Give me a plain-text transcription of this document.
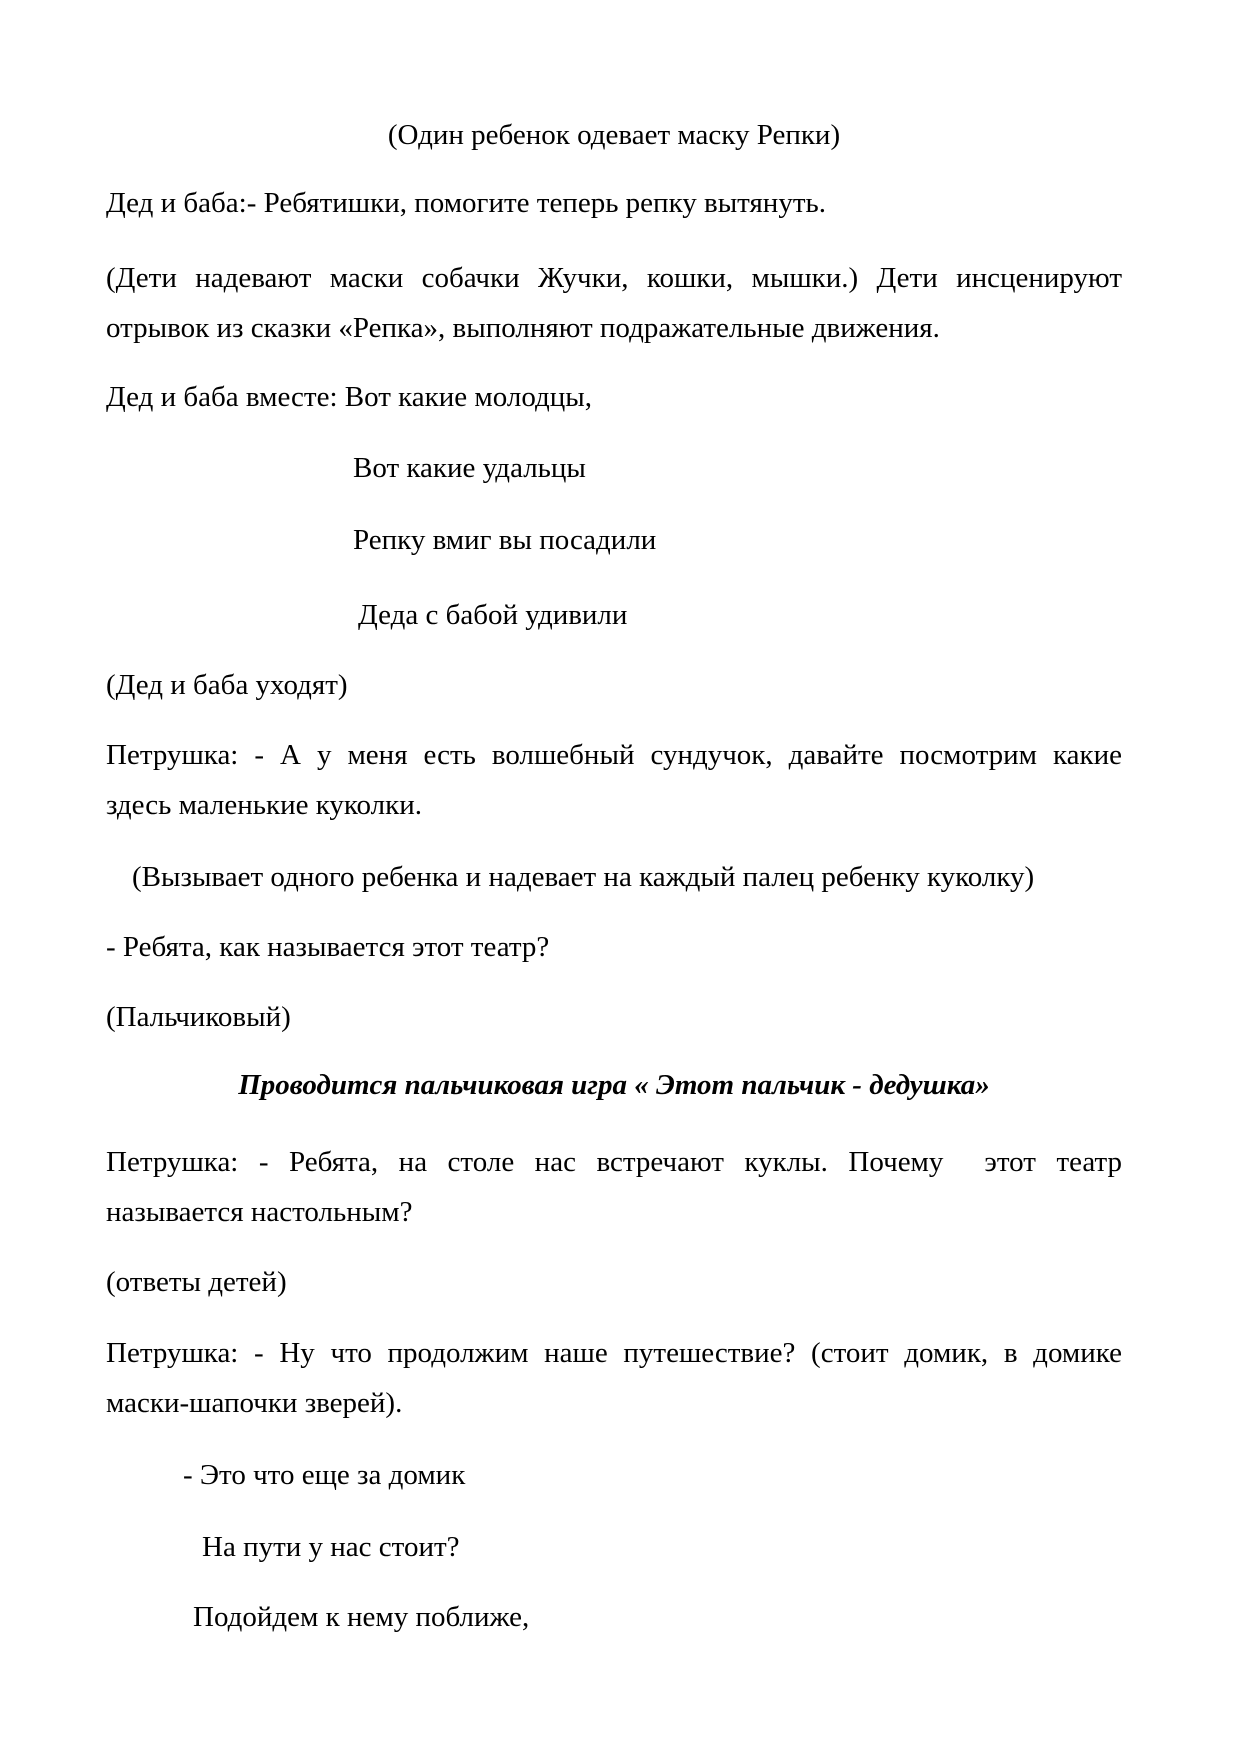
(Один ребенок одевает маску Репки)
Дед и баба:- Ребятишки, помогите теперь репку вытянуть.
(Дети надевают маски собачки Жучки, кошки, мышки.) Дети инсценируют
отрывок из сказки «Репка», выполняют подражательные движения.
Дед и баба вместе: Вот какие молодцы,
Вот какие удальцы
Репку вмиг вы посадили
Деда с бабой удивили
(Дед и баба уходят)
Петрушка: - А у меня есть волшебный сундучок, давайте посмотрим какие
здесь маленькие куколки.
(Вызывает одного ребенка и надевает на каждый палец ребенку куколку)
- Ребята, как называется этот театр?
(Пальчиковый)
Проводится пальчиковая игра « Этот пальчик - дедушка»
Петрушка: - Ребята, на столе нас встречают куклы. Почему  этот театр
называется настольным?
(ответы детей)
Петрушка: - Ну что продолжим наше путешествие? (стоит домик, в домике
маски-шапочки зверей).
- Это что еще за домик
На пути у нас стоит?
Подойдем к нему поближе,
